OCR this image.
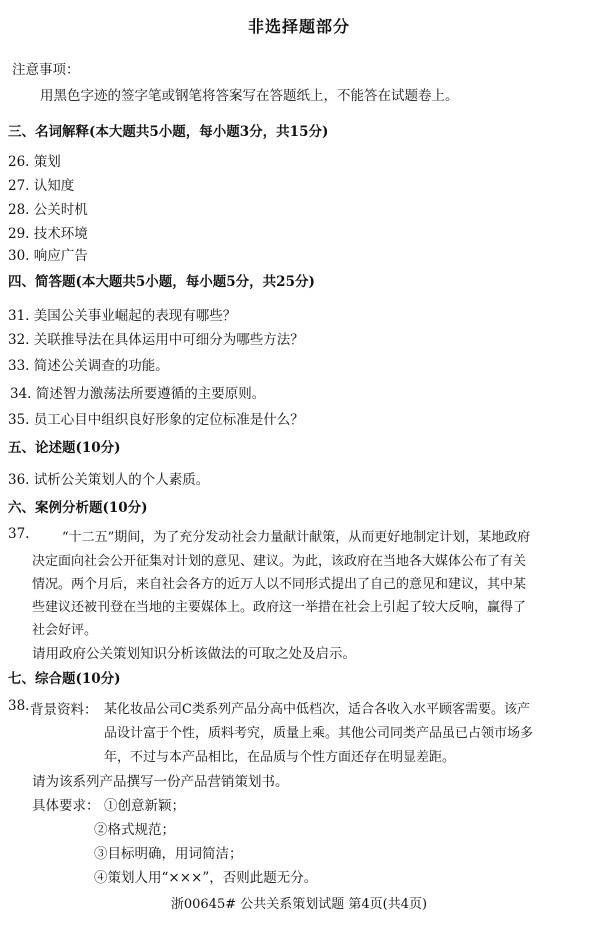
非选择题部分
注意事项：
用黑色字迹的签字笔或钢笔将答案写在答题纸上，不能答在试题卷上。
三、名词解释(本大题共5小题，每小题3分，共15分)
26. 策划
27. 认知度
28. 公关时机
29. 技术环境
30. 响应广告
四、简答题(本大题共5小题，每小题5分，共25分)
31. 美国公关事业崛起的表现有哪些？
32. 关联推导法在具体运用中可细分为哪些方法？
33. 简述公关调查的功能。
34. 简述智力激荡法所要遵循的主要原则。
35. 员工心目中组织良好形象的定位标准是什么？
五、论述题(10分)
36. 试析公关策划人的个人素质。
六、案例分析题(10分)
37.	“十二五”期间，为了充分发动社会力量献计献策，从而更好地制定计划，某地政府
决定面向社会公开征集对计划的意见、建议。为此，该政府在当地各大媒体公布了有关
情况。两个月后，来自社会各方的近万人以不同形式提出了自己的意见和建议，其中某
些建议还被刊登在当地的主要媒体上。政府这一举措在社会上引起了较大反响，赢得了
社会好评。
请用政府公关策划知识分析该做法的可取之处及启示。
七、综合题(10分)
38. 背景资料： 某化妆品公司C类系列产品分高中低档次，适合各收入水平顾客需要。该产
品设计富于个性，质料考究，质量上乘。其他公司同类产品虽已占领市场多
年，不过与本产品相比，在品质与个性方面还存在明显差距。
请为该系列产品撰写一份产品营销策划书。
具体要求： ①创意新颖；
②格式规范；
③目标明确，用词简洁；
④策划人用“×××”，否则此题无分。
浙00645# 公共关系策划试题 第4页(共4页)
